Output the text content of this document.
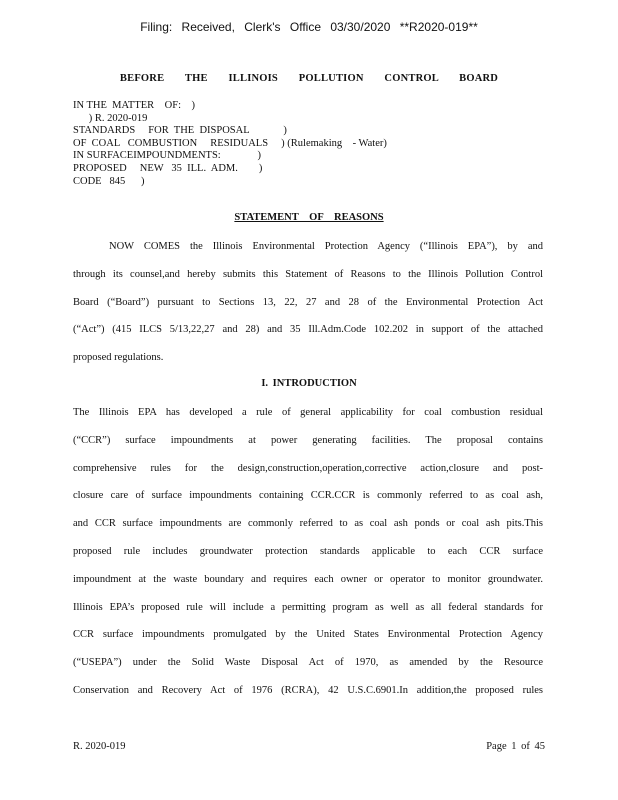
Filing: Received, Clerk's Office 03/30/2020 **R2020-019**
BEFORE THE ILLINOIS POLLUTION CONTROL BOARD
IN THE  MATTER    OF:    )
) R. 2020-019
STANDARDS     FOR  THE  DISPOSAL             )
OF  COAL   COMBUSTION     RESIDUALS     ) (Rulemaking    - Water)
IN SURFACEIMPOUNDMENTS:              )
PROPOSED     NEW   35  ILL.  ADM.        )
CODE   845      )
STATEMENT OF REASONS
NOW COMES the Illinois Environmental Protection Agency (“Illinois EPA”), by and
through its counsel,and hereby submits this Statement of Reasons to the Illinois Pollution Control
Board (“Board”) pursuant to Sections 13, 22, 27 and 28 of the Environmental Protection Act
(“Act”) (415 ILCS 5/13,22,27 and 28) and 35 Ill.Adm.Code 102.202 in support of the attached
proposed regulations.
I. INTRODUCTION
The Illinois EPA has developed a rule of general applicability for coal combustion residual
(“CCR”) surface impoundments at power generating facilities. The proposal contains
comprehensive rules for the design,construction,operation,corrective action,closure and post-
closure care of surface impoundments containing CCR.CCR is commonly referred to as coal ash,
and CCR surface impoundments are commonly referred to as coal ash ponds or coal ash pits.This
proposed rule includes groundwater protection standards applicable to each CCR surface
impoundment at the waste boundary and requires each owner or operator to monitor groundwater.
Illinois EPA’s proposed rule will include a permitting program as well as all federal standards for
CCR surface impoundments promulgated by the United States Environmental Protection Agency
(“USEPA”) under the Solid Waste Disposal Act of 1970, as amended by the Resource
Conservation and Recovery Act of 1976 (RCRA), 42 U.S.C.6901.In addition,the proposed rules
R. 2020-019	Page 1 of 45
